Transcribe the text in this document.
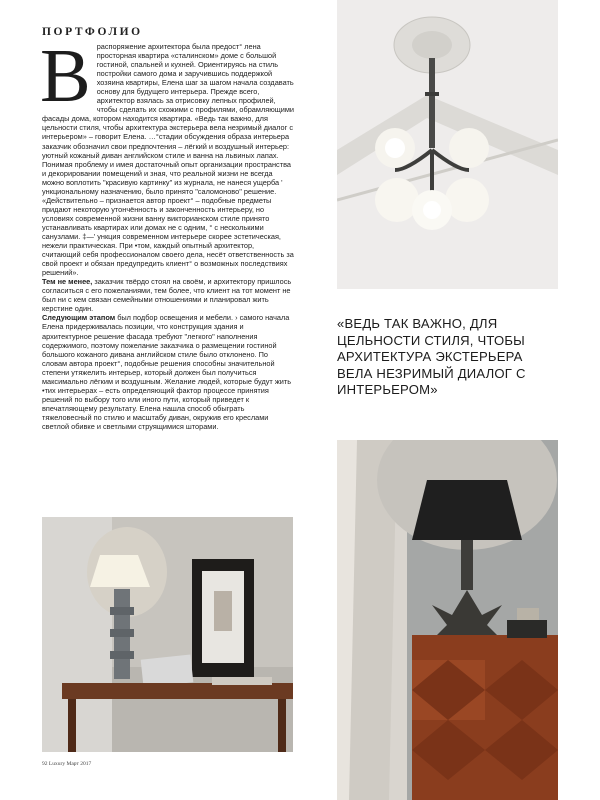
ПОРТФОЛИО
В распоряжение архитектора была предост° лена просторная квартира «сталинском» доме с большой гостиной, спальней и кухней. Ориентируясь на стиль постройки самого дома и заручившись поддержкой хозяина квартиры, Елена шаг за шагом начала создавать основу для будущего интерьера. Прежде всего, архитектор взялась за отрисовку лепных профилей, чтобы сделать их схожими с профилями, обрамляющими фасады дома, котором находится квартира. «Ведь так важно, для цельности стиля, чтобы архитектура экстерьера вела незримый диалог с интерьером» – говорит Елена. …°стадии обсуждения образа интерьера заказчик обозначил свои предпочтения – лёгкий и воздушный интерьер: уютный кожаный диван английском стиле и ванна на львиных лапах. Понимая проблему и имея достаточный опыт организации пространства и декорировании помещений и зная, что реальной жизни не всегда можно воплотить "красивую картинку" из журнала, не нанеся ущерба ' ункциональному назначению, было принято "саломоново" решение. «Действительно – признается автор проект° – подобные предметы придают некоторую утончённость и законченность интерьеру, но условиях современной жизни ванну викторианском стиле принято устанавливать квартирах или домах не с одним, ° с несколькими санузлами. ‡—' ункция современном интерьере скорее эстетическая, нежели практическая. При •том, каждый опытный архитектор, считающий себя профессионалом своего дела, несёт ответственность за свой проект и обязан предупредить клиент° о возможных последствиях решений».

Тем не менее, заказчик твёрдо стоял на своём, и архитектору пришлось согласиться с его пожеланиями, тем более, что клиент на тот момент не был ни с кем связан семейными отношениями и планировал жить керстине один.

Следующим этапом был подбор освещения и мебели. › самого начала Елена придерживалась позиции, что конструкция здания и архитектурное решение фасада требуют "легкого" наполнения содержимого, поэтому пожелание заказчика о размещении гостиной большого кожаного дивана английском стиле было отклонено. По словам автора проект°, подобные решения способны значительной степени утяжелить интерьер, который должен был получиться максимально лёгким и воздушным. Желание людей, которые будут жить •тих интерьерах – есть определяющий фактор процессе принятия решений по выбору того или иного пути, который приведет к впечатляющему результату. Елена нашла способ обыграть тяжеловесный по стилю и масштабу диван, окружив его креслами светлой обивке и светлыми струящимися шторами.

«ВЕДЬ ТАК ВАЖНО, ДЛЯ ЦЕЛЬНОСТИ СТИЛЯ, ЧТОБЫ АРХИТЕКТУРА ЭКСТЕРЬЕРА ВЕЛА НЕЗРИМЫЙ ДИАЛОГ С ИНТЕРЬЕРОМ»
92 Luxury Март 2017
